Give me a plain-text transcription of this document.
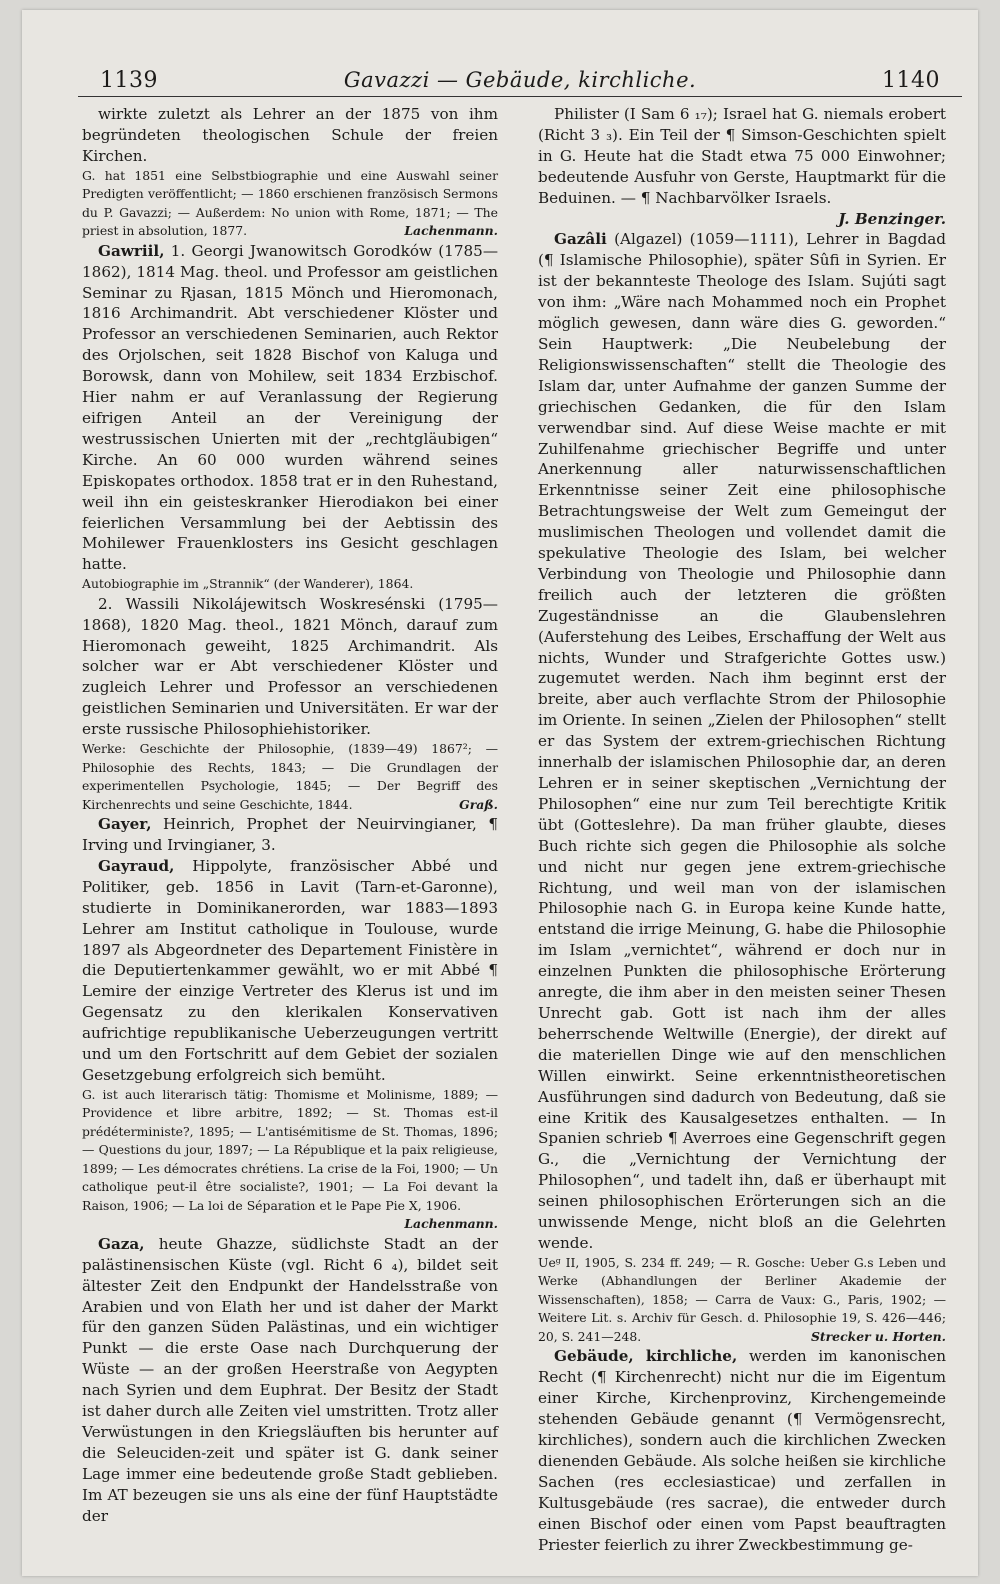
1139	Gavazzi — Gebäude, kirchliche.	1140

wirkte zuletzt als Lehrer an der 1875 von ihm begründeten theologischen Schule der freien Kirchen.

G. hat 1851 eine Selbstbiographie und eine Auswahl seiner Predigten veröffentlicht; — 1860 erschienen französisch Sermons du P. Gavazzi; — Außerdem: No union with Rome, 1871; — The priest in absolution, 1877.	Lachenmann.

Gawriil, 1. Georgi Jwanowitsch Gorodków (1785—1862), 1814 Mag. theol. und Professor am geistlichen Seminar zu Rjasan, 1815 Mönch und Hieromonach, 1816 Archimandrit. Abt verschiedener Klöster und Professor an verschiedenen Seminarien, auch Rektor des Orjolschen, seit 1828 Bischof von Kaluga und Borowsk, dann von Mohilew, seit 1834 Erzbischof. Hier nahm er auf Veranlassung der Regierung eifrigen Anteil an der Vereinigung der westrussischen Unierten mit der „rechtgläubigen“ Kirche. An 60 000 wurden während seines Episkopates orthodox. 1858 trat er in den Ruhestand, weil ihn ein geisteskranker Hierodiakon bei einer feierlichen Versammlung bei der Aebtissin des Mohilewer Frauenklosters ins Gesicht geschlagen hatte.

Autobiographie im „Strannik“ (der Wanderer), 1864.

2. Wassili Nikolájewitsch Woskresénski (1795—1868), 1820 Mag. theol., 1821 Mönch, darauf zum Hieromonach geweiht, 1825 Archimandrit. Als solcher war er Abt verschiedener Klöster und zugleich Lehrer und Professor an verschiedenen geistlichen Seminarien und Universitäten. Er war der erste russische Philosophiehistoriker.

Werke: Geschichte der Philosophie, (1839—49) 1867²; — Philosophie des Rechts, 1843; — Die Grundlagen der experimentellen Psychologie, 1845; — Der Begriff des Kirchenrechts und seine Geschichte, 1844.	Graß.

Gayer, Heinrich, Prophet der Neuirvingianer, ¶ Irving und Irvingianer, 3.

Gayraud, Hippolyte, französischer Abbé und Politiker, geb. 1856 in Lavit (Tarn-et-Garonne), studierte in Dominikanerorden, war 1883—1893 Lehrer am Institut catholique in Toulouse, wurde 1897 als Abgeordneter des Departement Finistère in die Deputiertenkammer gewählt, wo er mit Abbé ¶ Lemire der einzige Vertreter des Klerus ist und im Gegensatz zu den klerikalen Konservativen aufrichtige republikanische Ueberzeugungen vertritt und um den Fortschritt auf dem Gebiet der sozialen Gesetzgebung erfolgreich sich bemüht.

G. ist auch literarisch tätig: Thomisme et Molinisme, 1889; — Providence et libre arbitre, 1892; — St. Thomas est-il prédéterministe?, 1895; — L'antisémitisme de St. Thomas, 1896; — Questions du jour, 1897; — La République et la paix religieuse, 1899; — Les démocrates chrétiens. La crise de la Foi, 1900; — Un catholique peut-il être socialiste?, 1901; — La Foi devant la Raison, 1906; — La loi de Séparation et le Pape Pie X, 1906.
Lachenmann.

Gaza, heute Ghazze, südlichste Stadt an der palästinensischen Küste (vgl. Richt 6 ₄), bildet seit ältester Zeit den Endpunkt der Handelsstraße von Arabien und von Elath her und ist daher der Markt für den ganzen Süden Palästinas, und ein wichtiger Punkt — die erste Oase nach Durchquerung der Wüste — an der großen Heerstraße von Aegypten nach Syrien und dem Euphrat. Der Besitz der Stadt ist daher durch alle Zeiten viel umstritten. Trotz aller Verwüstungen in den Kriegsläuften bis herunter auf die Seleuciden-zeit und später ist G. dank seiner Lage immer eine bedeutende große Stadt geblieben. Im AT bezeugen sie uns als eine der fünf Hauptstädte der

Philister (I Sam 6 ₁₇); Israel hat G. niemals erobert (Richt 3 ₃). Ein Teil der ¶ Simson-Geschichten spielt in G. Heute hat die Stadt etwa 75 000 Einwohner; bedeutende Ausfuhr von Gerste, Hauptmarkt für die Beduinen. — ¶ Nachbarvölker Israels.
J. Benzinger.

Gazâli (Algazel) (1059—1111), Lehrer in Bagdad (¶ Islamische Philosophie), später Sûfi in Syrien. Er ist der bekannteste Theologe des Islam. Sujúti sagt von ihm: „Wäre nach Mohammed noch ein Prophet möglich gewesen, dann wäre dies G. geworden.“ Sein Hauptwerk: „Die Neubelebung der Religionswissenschaften“ stellt die Theologie des Islam dar, unter Aufnahme der ganzen Summe der griechischen Gedanken, die für den Islam verwendbar sind. Auf diese Weise machte er mit Zuhilfenahme griechischer Begriffe und unter Anerkennung aller naturwissenschaftlichen Erkenntnisse seiner Zeit eine philosophische Betrachtungsweise der Welt zum Gemeingut der muslimischen Theologen und vollendet damit die spekulative Theologie des Islam, bei welcher Verbindung von Theologie und Philosophie dann freilich auch der letzteren die größten Zugeständnisse an die Glaubenslehren (Auferstehung des Leibes, Erschaffung der Welt aus nichts, Wunder und Strafgerichte Gottes usw.) zugemutet werden. Nach ihm beginnt erst der breite, aber auch verflachte Strom der Philosophie im Oriente. In seinen „Zielen der Philosophen“ stellt er das System der extrem-griechischen Richtung innerhalb der islamischen Philosophie dar, an deren Lehren er in seiner skeptischen „Vernichtung der Philosophen“ eine nur zum Teil berechtigte Kritik übt (Gotteslehre). Da man früher glaubte, dieses Buch richte sich gegen die Philosophie als solche und nicht nur gegen jene extrem-griechische Richtung, und weil man von der islamischen Philosophie nach G. in Europa keine Kunde hatte, entstand die irrige Meinung, G. habe die Philosophie im Islam „vernichtet“, während er doch nur in einzelnen Punkten die philosophische Erörterung anregte, die ihm aber in den meisten seiner Thesen Unrecht gab. Gott ist nach ihm der alles beherrschende Weltwille (Energie), der direkt auf die materiellen Dinge wie auf den menschlichen Willen einwirkt. Seine erkenntnistheoretischen Ausführungen sind dadurch von Bedeutung, daß sie eine Kritik des Kausalgesetzes enthalten. — In Spanien schrieb ¶ Averroes eine Gegenschrift gegen G., die „Vernichtung der Vernichtung der Philosophen“, und tadelt ihn, daß er überhaupt mit seinen philosophischen Erörterungen sich an die unwissende Menge, nicht bloß an die Gelehrten wende.

Ueᵍ II, 1905, S. 234 ff. 249; — R. Gosche: Ueber G.s Leben und Werke (Abhandlungen der Berliner Akademie der Wissenschaften), 1858; — Carra de Vaux: G., Paris, 1902; — Weitere Lit. s. Archiv für Gesch. d. Philosophie 19, S. 426—446; 20, S. 241—248.	Strecker u. Horten.

Gebäude, kirchliche, werden im kanonischen Recht (¶ Kirchenrecht) nicht nur die im Eigentum einer Kirche, Kirchenprovinz, Kirchengemeinde stehenden Gebäude genannt (¶ Vermögensrecht, kirchliches), sondern auch die kirchlichen Zwecken dienenden Gebäude. Als solche heißen sie kirchliche Sachen (res ecclesiasticae) und zerfallen in Kultusgebäude (res sacrae), die entweder durch einen Bischof oder einen vom Papst beauftragten Priester feierlich zu ihrer Zweckbestimmung ge-
